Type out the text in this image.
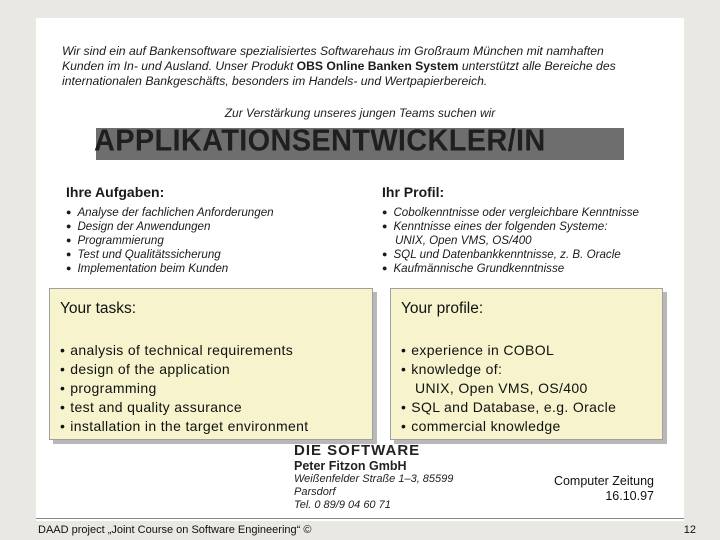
Wir sind ein auf Bankensoftware spezialisiertes Softwarehaus im Großraum München mit namhaften
Kunden im In- und Ausland. Unser Produkt OBS Online Banken System unterstützt alle Bereiche des
internationalen Bankgeschäfts, besonders im Handels- und Wertpapierbereich.

Zur Verstärkung unseres jungen Teams suchen wir
APPLIKATIONSENTWICKLER/IN
Ihre Aufgaben:
● Analyse der fachlichen Anforderungen
● Design der Anwendungen
● Programmierung
● Test und Qualitätssicherung
● Implementation beim Kunden
Ihr Profil:
● Cobolkenntnisse oder vergleichbare Kenntnisse
● Kenntnisse eines der folgenden Systeme:
UNIX, Open VMS, OS/400
● SQL und Datenbankkenntnisse, z. B. Oracle
● Kaufmännische Grundkenntnisse
DIE SOFTWARE
Peter Fitzon GmbH
Weißenfelder Straße 1–3, 85599 Parsdorf
Tel. 0 89/9 04 60 71
Your tasks:
• analysis of technical requirements
• design of the application
• programming
• test and quality assurance
• installation in the target environment
Your profile:
• experience in COBOL
• knowledge of:
UNIX, Open VMS, OS/400
• SQL and Database, e.g. Oracle
• commercial knowledge
Computer Zeitung
16.10.97
DAAD project „Joint Course on Software Engineering“ ©	12
